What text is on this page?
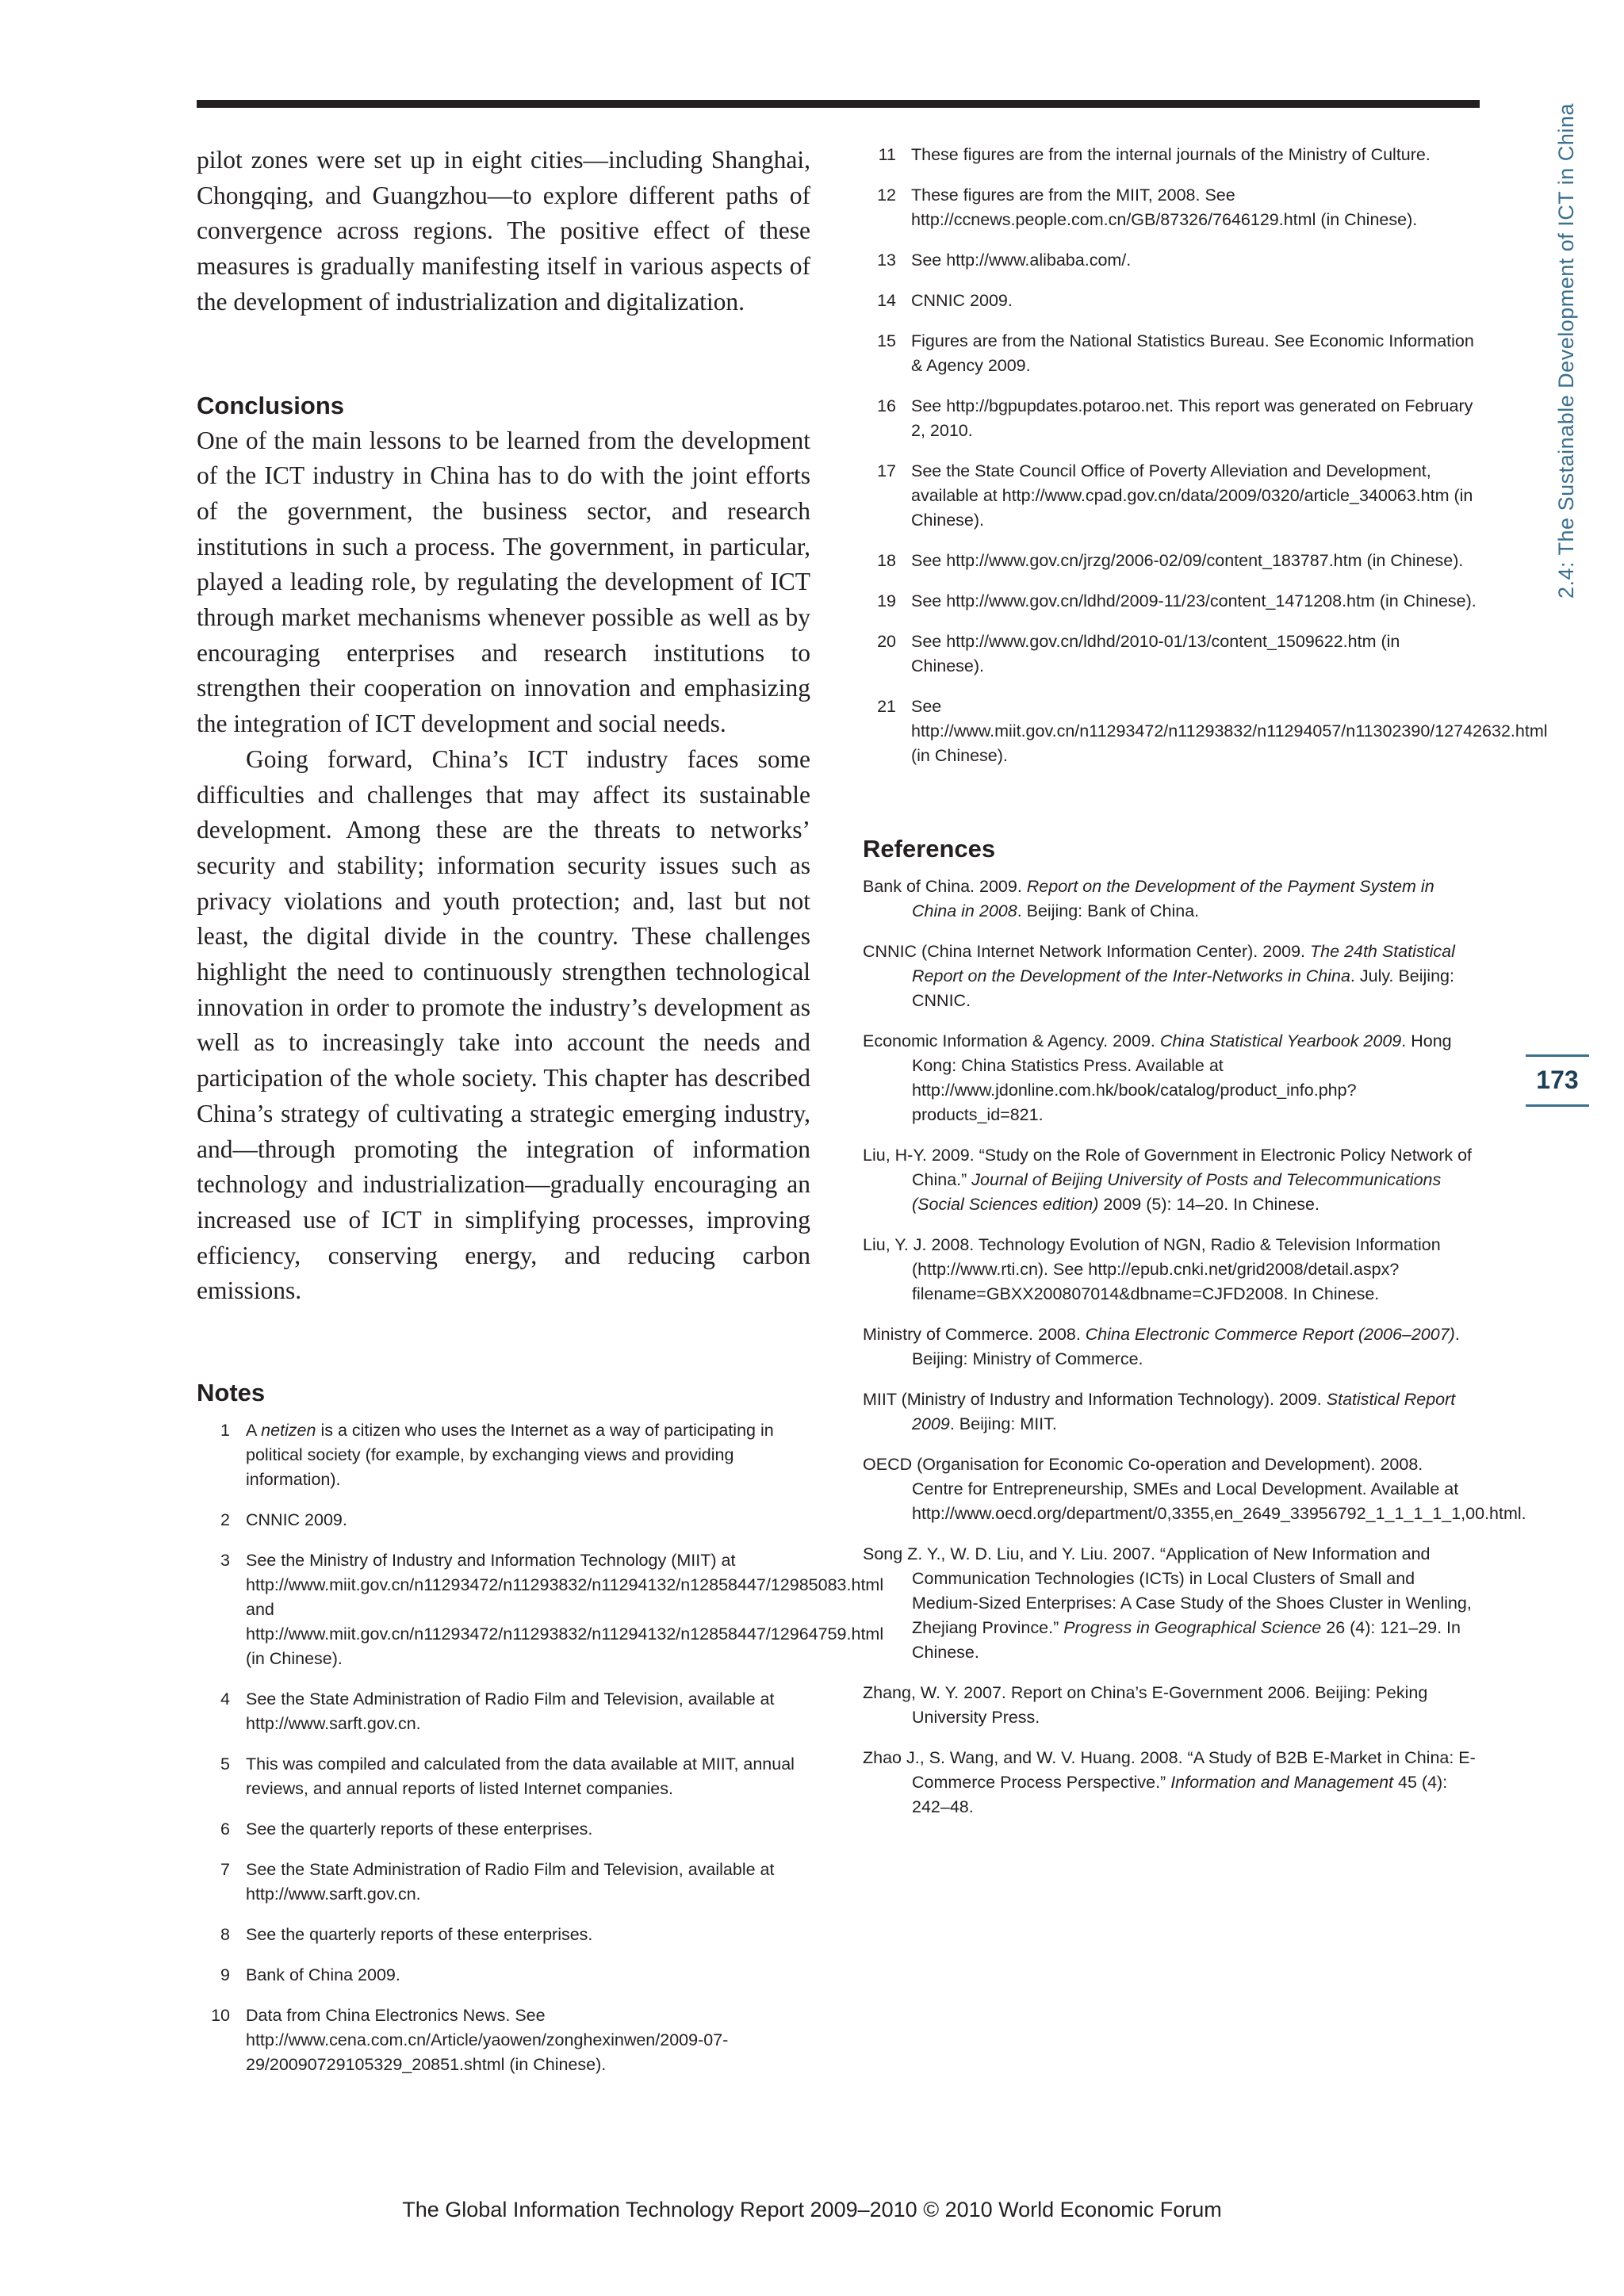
2.4: The Sustainable Development of ICT in China
173

pilot zones were set up in eight cities—including Shanghai, Chongqing, and Guangzhou—to explore different paths of convergence across regions. The positive effect of these measures is gradually manifesting itself in various aspects of the development of industrialization and digitalization.

Conclusions

One of the main lessons to be learned from the development of the ICT industry in China has to do with the joint efforts of the government, the business sector, and research institutions in such a process. The government, in particular, played a leading role, by regulating the development of ICT through market mechanisms whenever possible as well as by encouraging enterprises and research institutions to strengthen their cooperation on innovation and emphasizing the integration of ICT development and social needs.

Going forward, China’s ICT industry faces some difficulties and challenges that may affect its sustainable development. Among these are the threats to networks’ security and stability; information security issues such as privacy violations and youth protection; and, last but not least, the digital divide in the country. These challenges highlight the need to continuously strengthen technological innovation in order to promote the industry’s development as well as to increasingly take into account the needs and participation of the whole society. This chapter has described China’s strategy of cultivating a strategic emerging industry, and—through promoting the integration of information technology and industrialization—gradually encouraging an increased use of ICT in simplifying processes, improving efficiency, conserving energy, and reducing carbon emissions.

Notes
1 A netizen is a citizen who uses the Internet as a way of participating in political society (for example, by exchanging views and providing information).
2 CNNIC 2009.
3 See the Ministry of Industry and Information Technology (MIIT) at http://www.miit.gov.cn/n11293472/n11293832/n11294132/n12858447/12985083.html and http://www.miit.gov.cn/n11293472/n11293832/n11294132/n12858447/12964759.html (in Chinese).
4 See the State Administration of Radio Film and Television, available at http://www.sarft.gov.cn.
5 This was compiled and calculated from the data available at MIIT, annual reviews, and annual reports of listed Internet companies.
6 See the quarterly reports of these enterprises.
7 See the State Administration of Radio Film and Television, available at http://www.sarft.gov.cn.
8 See the quarterly reports of these enterprises.
9 Bank of China 2009.
10 Data from China Electronics News. See http://www.cena.com.cn/Article/yaowen/zonghexinwen/2009-07-29/20090729105329_20851.shtml (in Chinese).
11 These figures are from the internal journals of the Ministry of Culture.
12 These figures are from the MIIT, 2008. See http://ccnews.people.com.cn/GB/87326/7646129.html (in Chinese).
13 See http://www.alibaba.com/.
14 CNNIC 2009.
15 Figures are from the National Statistics Bureau. See Economic Information & Agency 2009.
16 See http://bgpupdates.potaroo.net. This report was generated on February 2, 2010.
17 See the State Council Office of Poverty Alleviation and Development, available at http://www.cpad.gov.cn/data/2009/0320/article_340063.htm (in Chinese).
18 See http://www.gov.cn/jrzg/2006-02/09/content_183787.htm (in Chinese).
19 See http://www.gov.cn/ldhd/2009-11/23/content_1471208.htm (in Chinese).
20 See http://www.gov.cn/ldhd/2010-01/13/content_1509622.htm (in Chinese).
21 See http://www.miit.gov.cn/n11293472/n11293832/n11294057/n11302390/12742632.html (in Chinese).
References

Bank of China. 2009. Report on the Development of the Payment System in China in 2008. Beijing: Bank of China.

CNNIC (China Internet Network Information Center). 2009. The 24th Statistical Report on the Development of the Inter-Networks in China. July. Beijing: CNNIC.

Economic Information & Agency. 2009. China Statistical Yearbook 2009. Hong Kong: China Statistics Press. Available at http://www.jdonline.com.hk/book/catalog/product_info.php?products_id=821.

Liu, H-Y. 2009. “Study on the Role of Government in Electronic Policy Network of China.” Journal of Beijing University of Posts and Telecommunications (Social Sciences edition) 2009 (5): 14–20. In Chinese.

Liu, Y. J. 2008. Technology Evolution of NGN, Radio & Television Information (http://www.rti.cn). See http://epub.cnki.net/grid2008/detail.aspx?filename=GBXX200807014&dbname=CJFD2008. In Chinese.

Ministry of Commerce. 2008. China Electronic Commerce Report (2006–2007). Beijing: Ministry of Commerce.

MIIT (Ministry of Industry and Information Technology). 2009. Statistical Report 2009. Beijing: MIIT.

OECD (Organisation for Economic Co-operation and Development). 2008. Centre for Entrepreneurship, SMEs and Local Development. Available at http://www.oecd.org/department/0,3355,en_2649_33956792_1_1_1_1_1,00.html.

Song Z. Y., W. D. Liu, and Y. Liu. 2007. “Application of New Information and Communication Technologies (ICTs) in Local Clusters of Small and Medium-Sized Enterprises: A Case Study of the Shoes Cluster in Wenling, Zhejiang Province.” Progress in Geographical Science 26 (4): 121–29. In Chinese.

Zhang, W. Y. 2007. Report on China’s E-Government 2006. Beijing: Peking University Press.

Zhao J., S. Wang, and W. V. Huang. 2008. “A Study of B2B E-Market in China: E-Commerce Process Perspective.” Information and Management 45 (4): 242–48.

The Global Information Technology Report 2009–2010 © 2010 World Economic Forum
